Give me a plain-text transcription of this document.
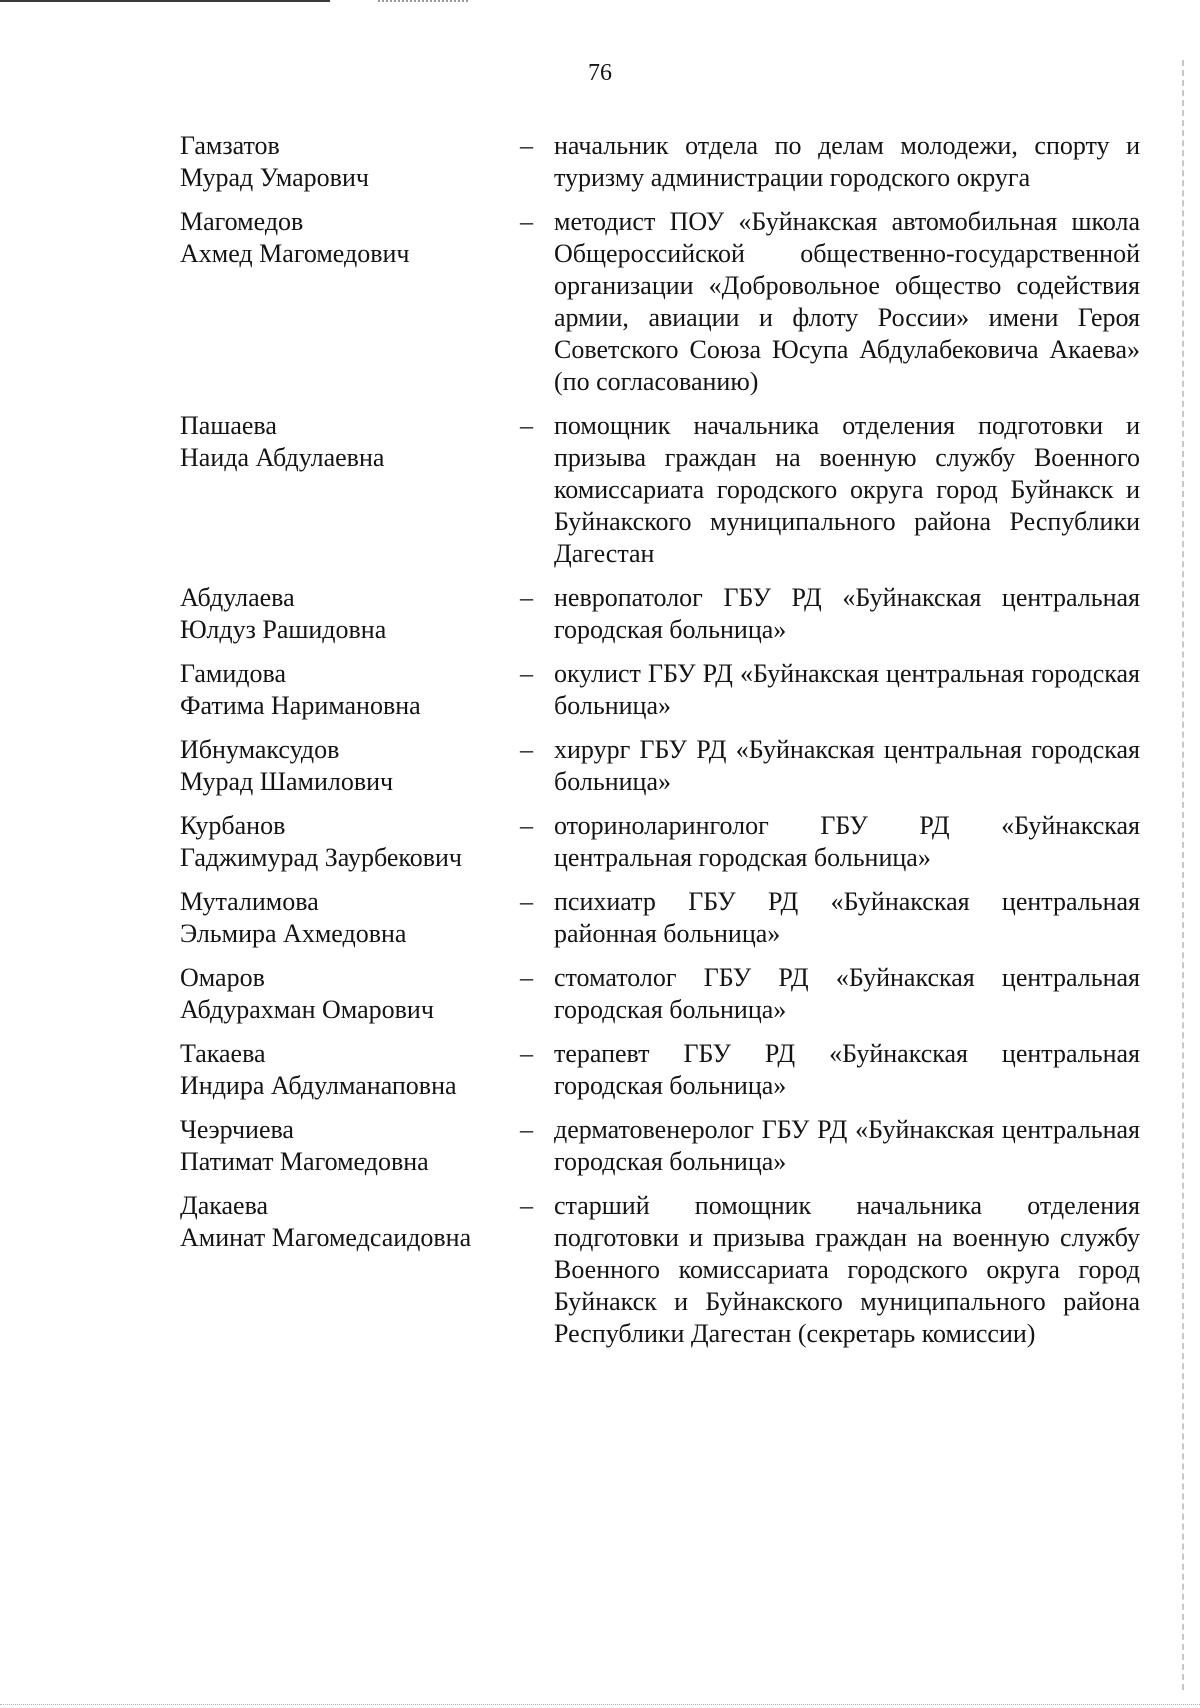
76
Гамзатов
Мурад Умарович
– начальник отдела по делам молодежи, спорту и туризму администрации городского округа
Магомедов
Ахмед Магомедович
– методист ПОУ «Буйнакская автомобильная школа Общероссийской общественно-государственной организации «Добровольное общество содействия армии, авиации и флоту России» имени Героя Советского Союза Юсупа Абдулабековича Акаева» (по согласованию)
Пашаева
Наида Абдулаевна
– помощник начальника отделения подготовки и призыва граждан на военную службу Военного комиссариата городского округа город Буйнакск и Буйнакского муниципального района Республики Дагестан
Абдулаева
Юлдуз Рашидовна
– невропатолог ГБУ РД «Буйнакская центральная городская больница»
Гамидова
Фатима Наримановна
– окулист ГБУ РД «Буйнакская центральная городская больница»
Ибнумаксудов
Мурад Шамилович
– хирург ГБУ РД «Буйнакская центральная городская больница»
Курбанов
Гаджимурад Заурбекович
– оториноларинголог ГБУ РД «Буйнакская центральная городская больница»
Муталимова
Эльмира Ахмедовна
– психиатр ГБУ РД «Буйнакская центральная районная больница»
Омаров
Абдурахман Омарович
– стоматолог ГБУ РД «Буйнакская центральная городская больница»
Такаева
Индира Абдулманаповна
– терапевт ГБУ РД «Буйнакская центральная городская больница»
Чеэрчиева
Патимат Магомедовна
– дерматовенеролог ГБУ РД «Буйнакская центральная городская больница»
Дакаева
Аминат Магомедсаидовна
– старший помощник начальника отделения подготовки и призыва граждан на военную службу Военного комиссариата городского округа город Буйнакск и Буйнакского муниципального района Республики Дагестан (секретарь комиссии)
